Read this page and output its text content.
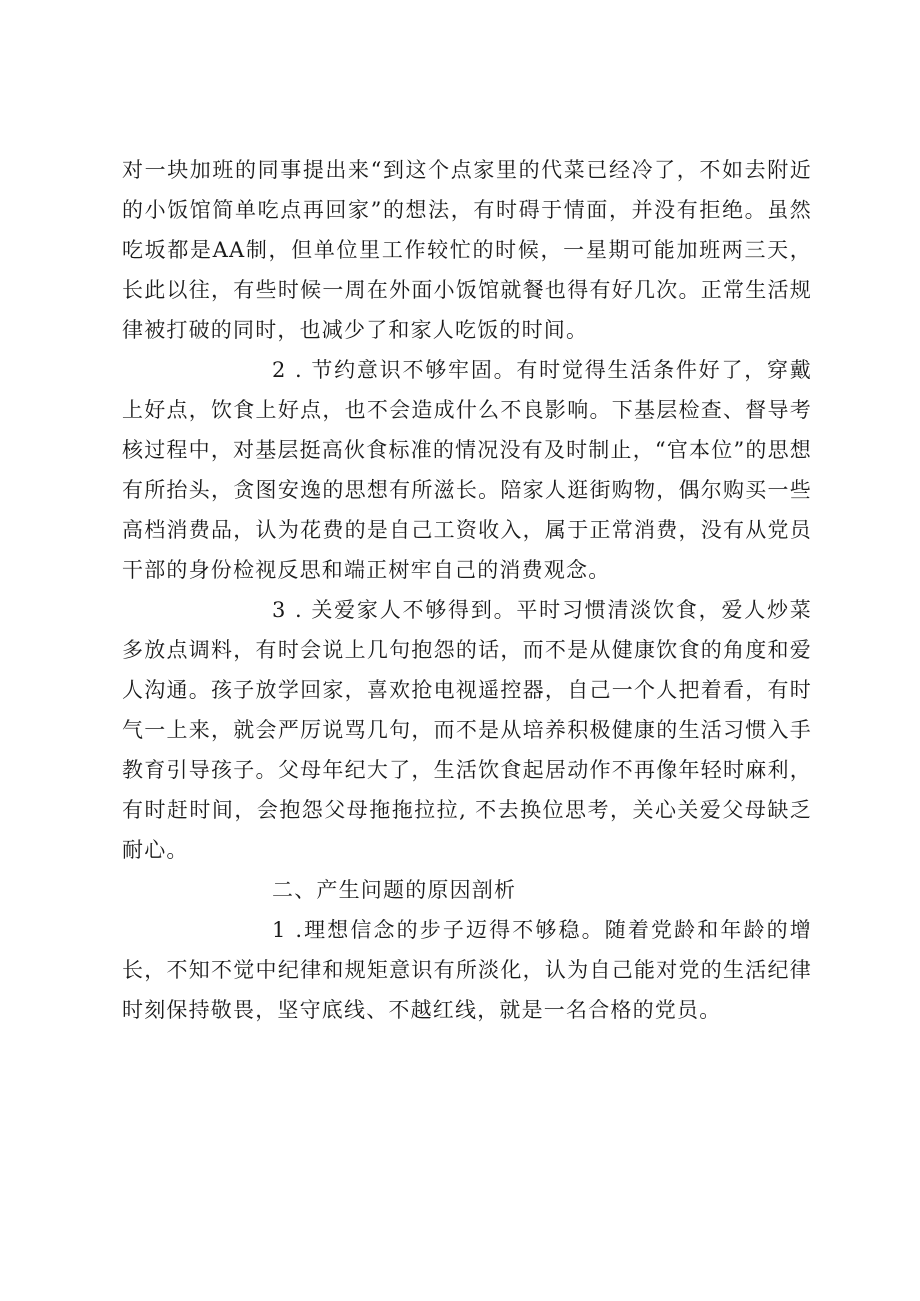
对一块加班的同事提出来“到这个点家里的代菜已经冷了，不如去附近的小饭馆简单吃点再回家”的想法，有时碍于情面，并没有拒绝。虽然吃坂都是AA制，但单位里工作较忙的时候，一星期可能加班两三天，长此以往，有些时候一周在外面小饭馆就餐也得有好几次。正常生活规律被打破的同时，也减少了和家人吃饭的时间。

2 . 节约意识不够牢固。有时觉得生活条件好了，穿戴上好点，饮食上好点，也不会造成什么不良影响。下基层检查、督导考核过程中，对基层挺高伙食标准的情况没有及时制止，“官本位”的思想有所抬头，贪图安逸的思想有所滋长。陪家人逛街购物，偶尔购买一些高档消费品，认为花费的是自己工资收入，属于正常消费，没有从党员干部的身份检视反思和端正树牢自己的消费观念。

3 . 关爱家人不够得到。平时习惯清淡饮食，爱人炒菜多放点调料，有时会说上几句抱怨的话，而不是从健康饮食的角度和爱人沟通。孩子放学回家，喜欢抢电视遥控器，自己一个人把着看，有时气一上来，就会严厉说骂几句，而不是从培养积极健康的生活习惯入手教育引导孩子。父母年纪大了，生活饮食起居动作不再像年轻时麻利，有时赶时间，会抱怨父母拖拖拉拉, 不去换位思考，关心关爱父母缺乏耐心。

二、产生问题的原因剖析

1 .理想信念的步子迈得不够稳。随着党龄和年龄的增长，不知不觉中纪律和规矩意识有所淡化，认为自己能对党的生活纪律时刻保持敬畏，坚守底线、不越红线，就是一名合格的党员。
